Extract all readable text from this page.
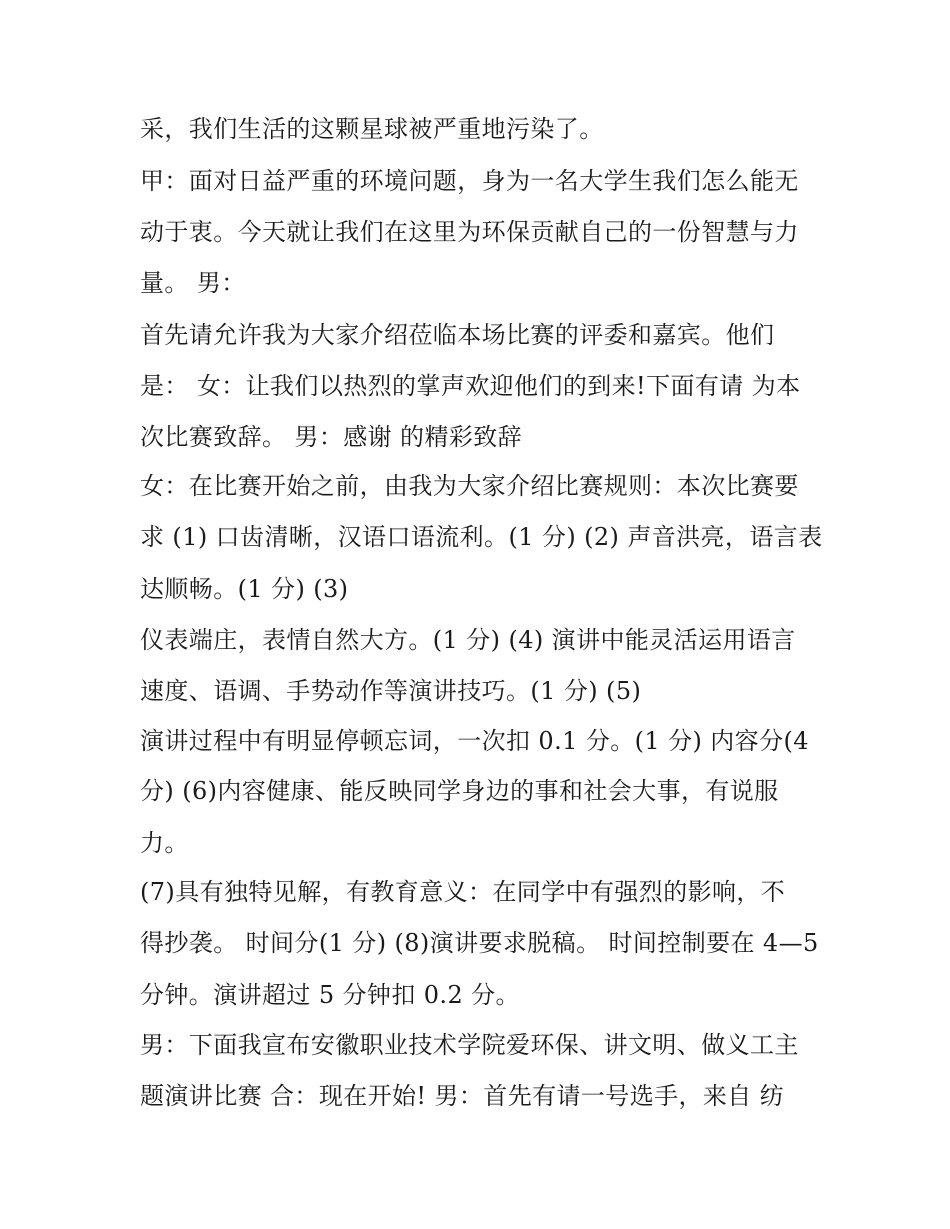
采，我们生活的这颗星球被严重地污染了。
甲：面对日益严重的环境问题，身为一名大学生我们怎么能无
动于衷。今天就让我们在这里为环保贡献自己的一份智慧与力
量。 男：
首先请允许我为大家介绍莅临本场比赛的评委和嘉宾。他们
是： 女：让我们以热烈的掌声欢迎他们的到来!下面有请 为本
次比赛致辞。 男：感谢 的精彩致辞
女：在比赛开始之前，由我为大家介绍比赛规则：本次比赛要
求 (1) 口齿清晰，汉语口语流利。(1 分) (2) 声音洪亮，语言表
达顺畅。(1 分) (3)
仪表端庄，表情自然大方。(1 分) (4) 演讲中能灵活运用语言
速度、语调、手势动作等演讲技巧。(1 分) (5)
演讲过程中有明显停顿忘词，一次扣 0.1 分。(1 分) 内容分(4
分) (6)内容健康、能反映同学身边的事和社会大事，有说服
力。
(7)具有独特见解，有教育意义：在同学中有强烈的影响，不
得抄袭。 时间分(1 分) (8)演讲要求脱稿。 时间控制要在 4—5
分钟。演讲超过 5 分钟扣 0.2 分。
男：下面我宣布安徽职业技术学院爱环保、讲文明、做义工主
题演讲比赛 合：现在开始! 男：首先有请一号选手，来自 纺
